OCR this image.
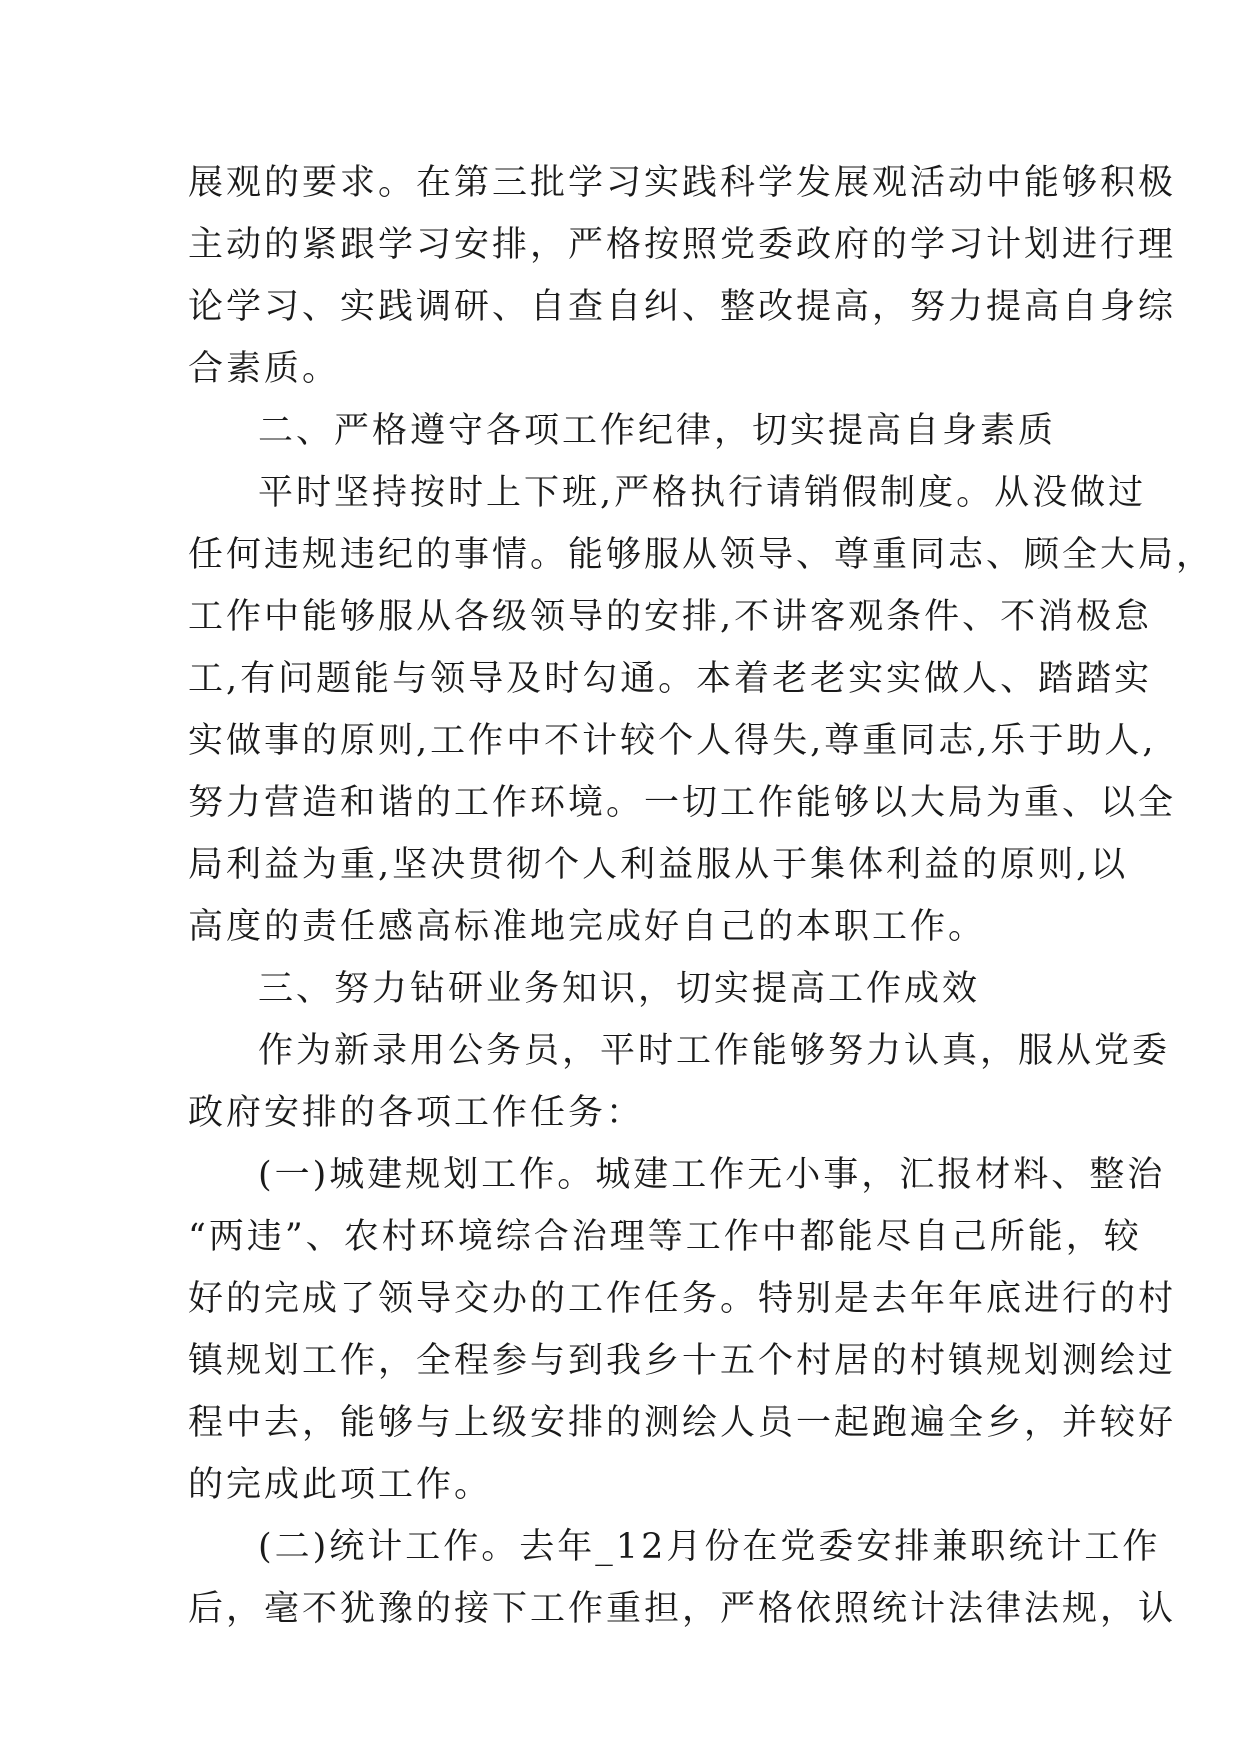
展观的要求。在第三批学习实践科学发展观活动中能够积极
主动的紧跟学习安排，严格按照党委政府的学习计划进行理
论学习、实践调研、自查自纠、整改提高，努力提高自身综
合素质。
二、严格遵守各项工作纪律，切实提高自身素质
平时坚持按时上下班,严格执行请销假制度。从没做过
任何违规违纪的事情。能够服从领导、尊重同志、顾全大局，
工作中能够服从各级领导的安排,不讲客观条件、不消极怠
工,有问题能与领导及时勾通。本着老老实实做人、踏踏实
实做事的原则,工作中不计较个人得失,尊重同志,乐于助人,
努力营造和谐的工作环境。一切工作能够以大局为重、以全
局利益为重,坚决贯彻个人利益服从于集体利益的原则,以
高度的责任感高标准地完成好自己的本职工作。
三、努力钻研业务知识，切实提高工作成效
作为新录用公务员，平时工作能够努力认真，服从党委
政府安排的各项工作任务：
(一)城建规划工作。城建工作无小事，汇报材料、整治
“两违”、农村环境综合治理等工作中都能尽自己所能，较
好的完成了领导交办的工作任务。特别是去年年底进行的村
镇规划工作，全程参与到我乡十五个村居的村镇规划测绘过
程中去，能够与上级安排的测绘人员一起跑遍全乡，并较好
的完成此项工作。
(二)统计工作。去年_12月份在党委安排兼职统计工作
后，毫不犹豫的接下工作重担，严格依照统计法律法规，认
